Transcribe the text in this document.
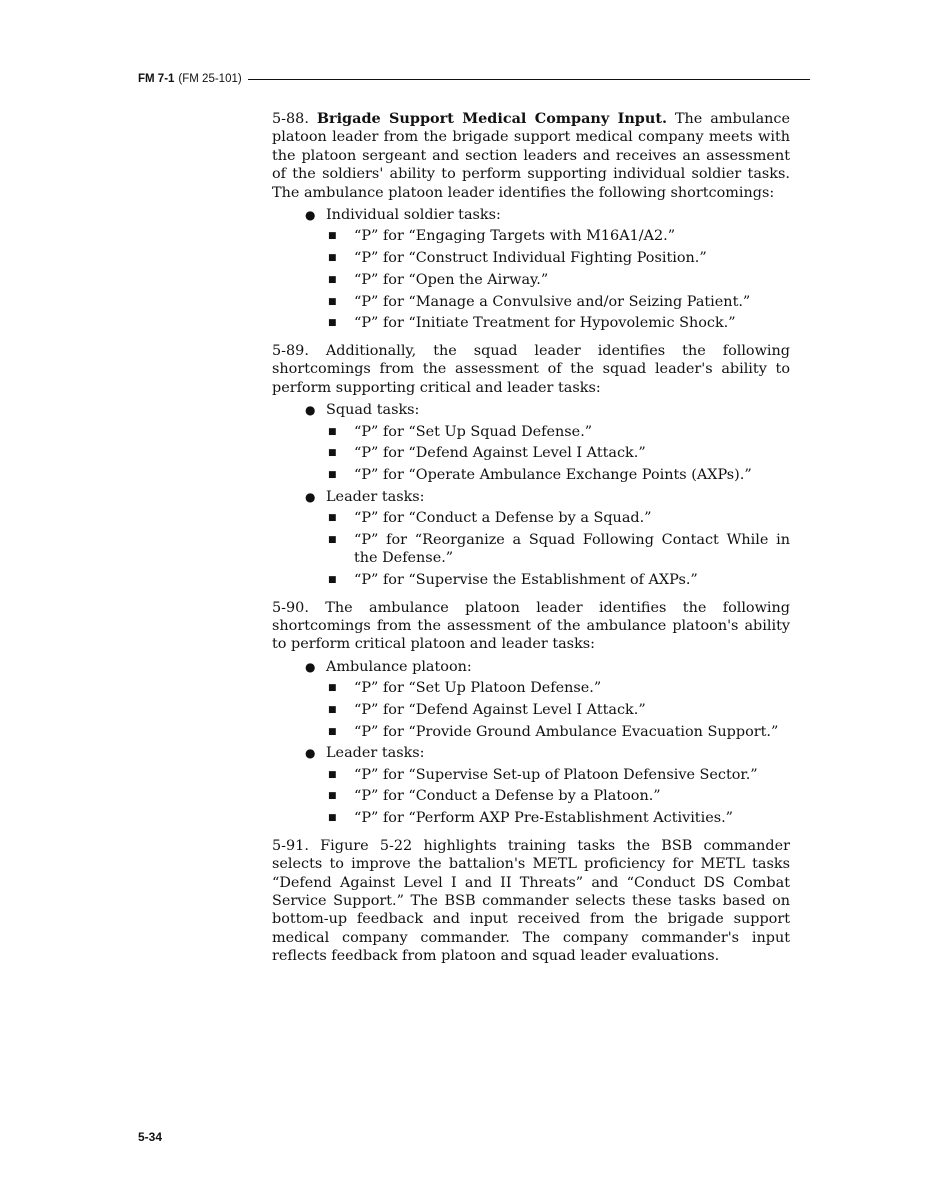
FM 7-1 (FM 25-101)

5-88. Brigade Support Medical Company Input. The ambulance platoon leader from the brigade support medical company meets with the platoon sergeant and section leaders and receives an assessment of the soldiers' ability to perform supporting individual soldier tasks. The ambulance platoon leader identifies the following shortcomings:

● Individual soldier tasks:
■ “P” for “Engaging Targets with M16A1/A2.”
■ “P” for “Construct Individual Fighting Position.”
■ “P” for “Open the Airway.”
■ “P” for “Manage a Convulsive and/or Seizing Patient.”
■ “P” for “Initiate Treatment for Hypovolemic Shock.”

5-89. Additionally, the squad leader identifies the following shortcomings from the assessment of the squad leader's ability to perform supporting critical and leader tasks:

● Squad tasks:
■ “P” for “Set Up Squad Defense.”
■ “P” for “Defend Against Level I Attack.”
■ “P” for “Operate Ambulance Exchange Points (AXPs).”
● Leader tasks:
■ “P” for “Conduct a Defense by a Squad.”
■ “P” for “Reorganize a Squad Following Contact While in the Defense.”
■ “P” for “Supervise the Establishment of AXPs.”

5-90. The ambulance platoon leader identifies the following shortcomings from the assessment of the ambulance platoon's ability to perform critical platoon and leader tasks:

● Ambulance platoon:
■ “P” for “Set Up Platoon Defense.”
■ “P” for “Defend Against Level I Attack.”
■ “P” for “Provide Ground Ambulance Evacuation Support.”
● Leader tasks:
■ “P” for “Supervise Set-up of Platoon Defensive Sector.”
■ “P” for “Conduct a Defense by a Platoon.”
■ “P” for “Perform AXP Pre-Establishment Activities.”

5-91. Figure 5-22 highlights training tasks the BSB commander selects to improve the battalion's METL proficiency for METL tasks “Defend Against Level I and II Threats” and “Conduct DS Combat Service Support.” The BSB commander selects these tasks based on bottom-up feedback and input received from the brigade support medical company commander. The company commander's input reflects feedback from platoon and squad leader evaluations.

5-34
